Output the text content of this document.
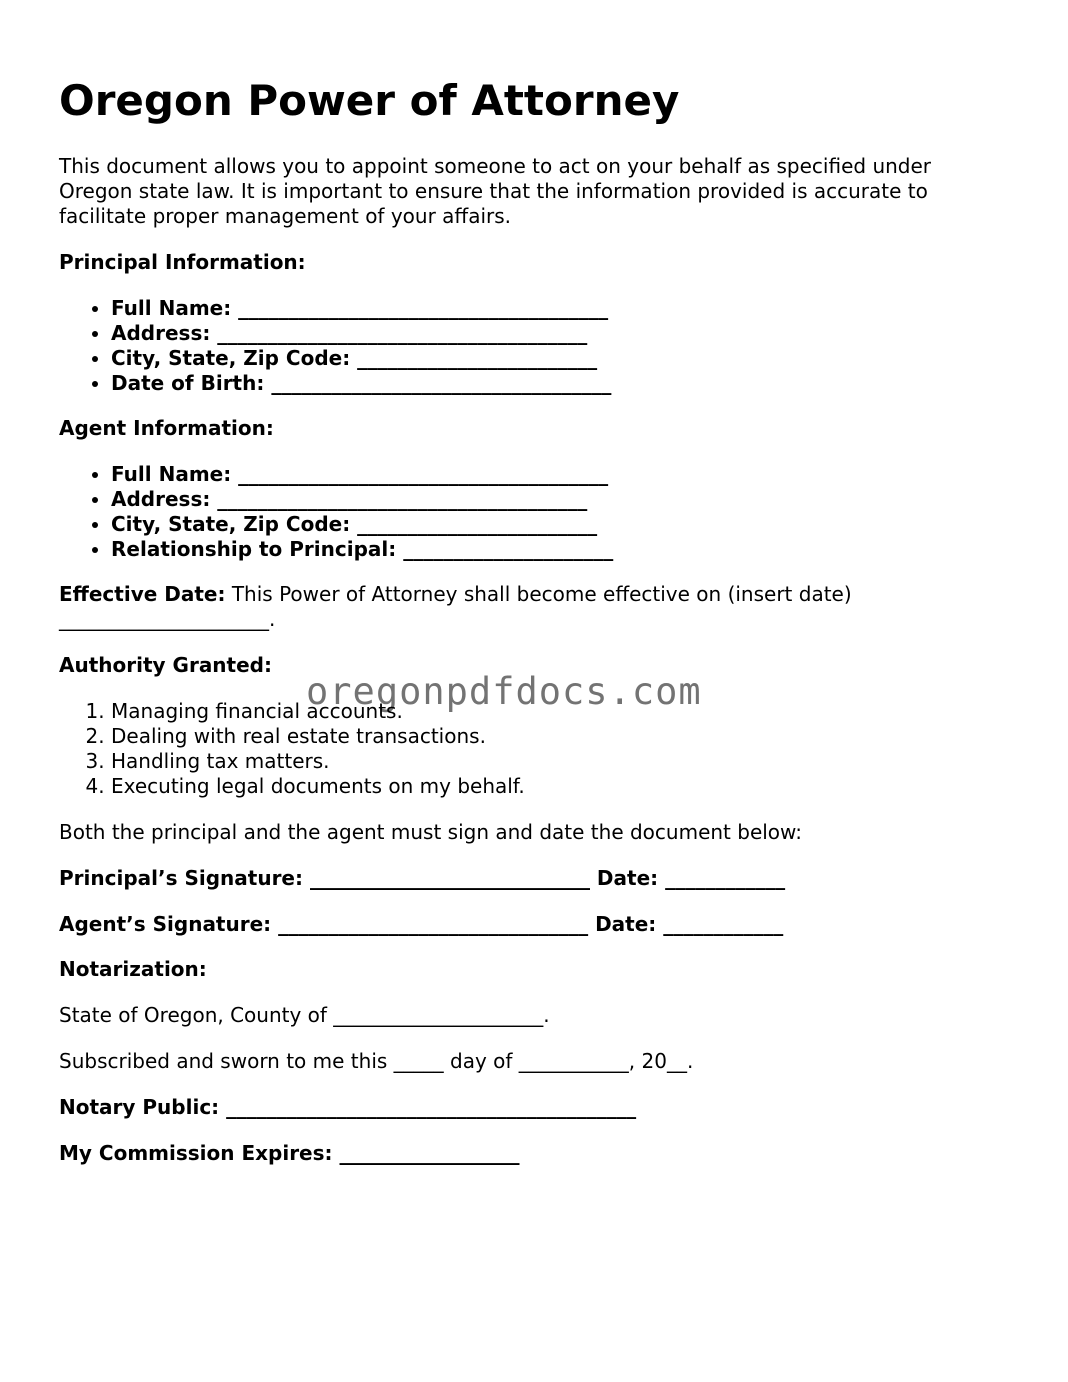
Oregon Power of Attorney

This document allows you to appoint someone to act on your behalf as specified under

Oregon state law. It is important to ensure that the information provided is accurate to

facilitate proper management of your affairs.

Principal Information:

• Full Name: _____________________________________
• Address: _____________________________________
• City, State, Zip Code: ________________________
• Date of Birth: __________________________________

Agent Information:

• Full Name: _____________________________________
• Address: _____________________________________
• City, State, Zip Code: ________________________
• Relationship to Principal: _____________________

Effective Date: This Power of Attorney shall become effective on (insert date)

_____________________.

Authority Granted:

1. Managing financial accounts.
2. Dealing with real estate transactions.
3. Handling tax matters.
4. Executing legal documents on my behalf.

Both the principal and the agent must sign and date the document below:

Principal’s Signature: ____________________________ Date: ____________

Agent’s Signature: _______________________________ Date: ____________

Notarization:

State of Oregon, County of _____________________.

Subscribed and sworn to me this _____ day of ___________, 20__.

Notary Public: _________________________________________

My Commission Expires: __________________

oregonpdfdocs.com
